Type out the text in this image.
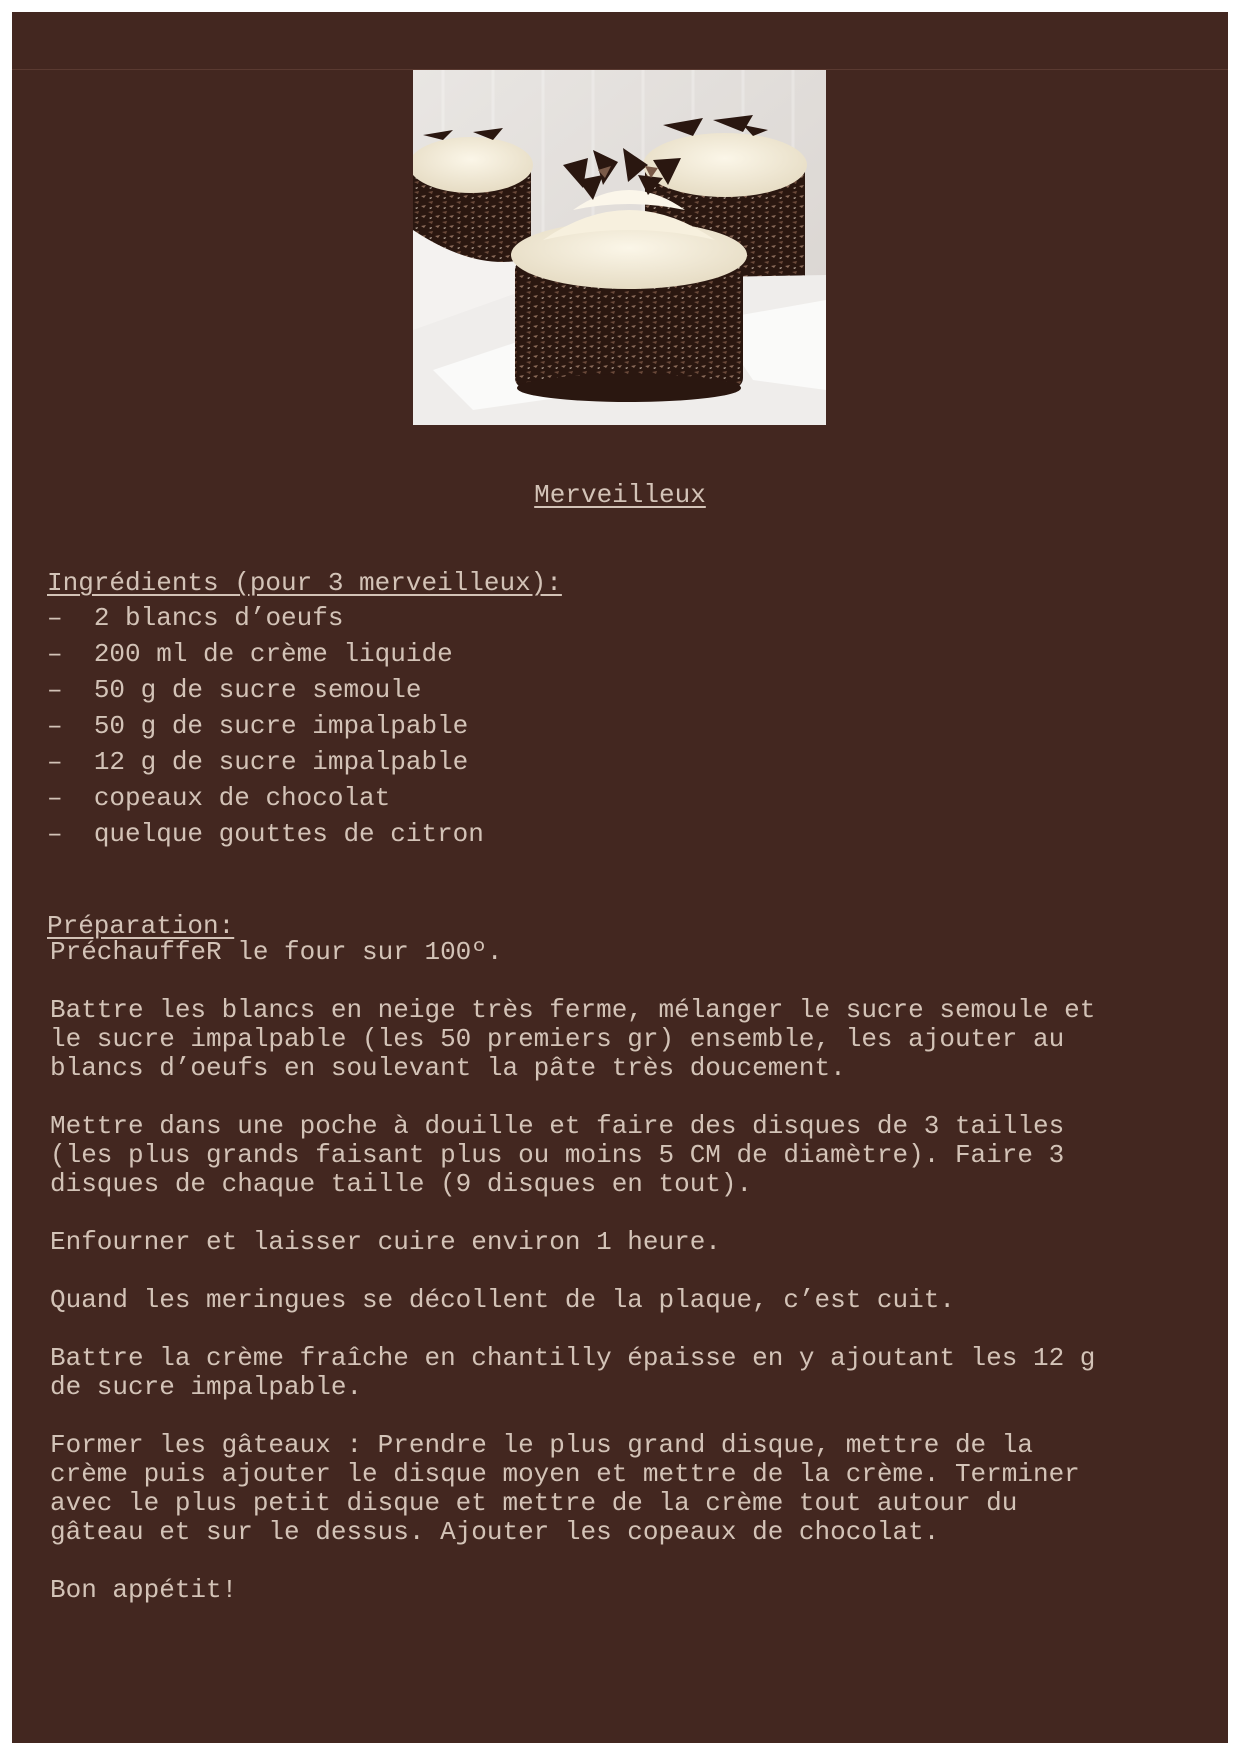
Merveilleux
Ingrédients (pour 3 merveilleux):
–  2 blancs d’oeufs
–  200 ml de crème liquide
–  50 g de sucre semoule
–  50 g de sucre impalpable
–  12 g de sucre impalpable
–  copeaux de chocolat
–  quelque gouttes de citron
Préparation:

PréchauffeR le four sur 100º.

Battre les blancs en neige très ferme, mélanger le sucre semoule et
le sucre impalpable (les 50 premiers gr) ensemble, les ajouter au
blancs d’oeufs en soulevant la pâte très doucement.

Mettre dans une poche à douille et faire des disques de 3 tailles
(les plus grands faisant plus ou moins 5 CM de diamètre). Faire 3
disques de chaque taille (9 disques en tout).

Enfourner et laisser cuire environ 1 heure.

Quand les meringues se décollent de la plaque, c’est cuit.

Battre la crème fraîche en chantilly épaisse en y ajoutant les 12 g
de sucre impalpable.

Former les gâteaux : Prendre le plus grand disque, mettre de la
crème puis ajouter le disque moyen et mettre de la crème. Terminer
avec le plus petit disque et mettre de la crème tout autour du
gâteau et sur le dessus. Ajouter les copeaux de chocolat.

Bon appétit!
